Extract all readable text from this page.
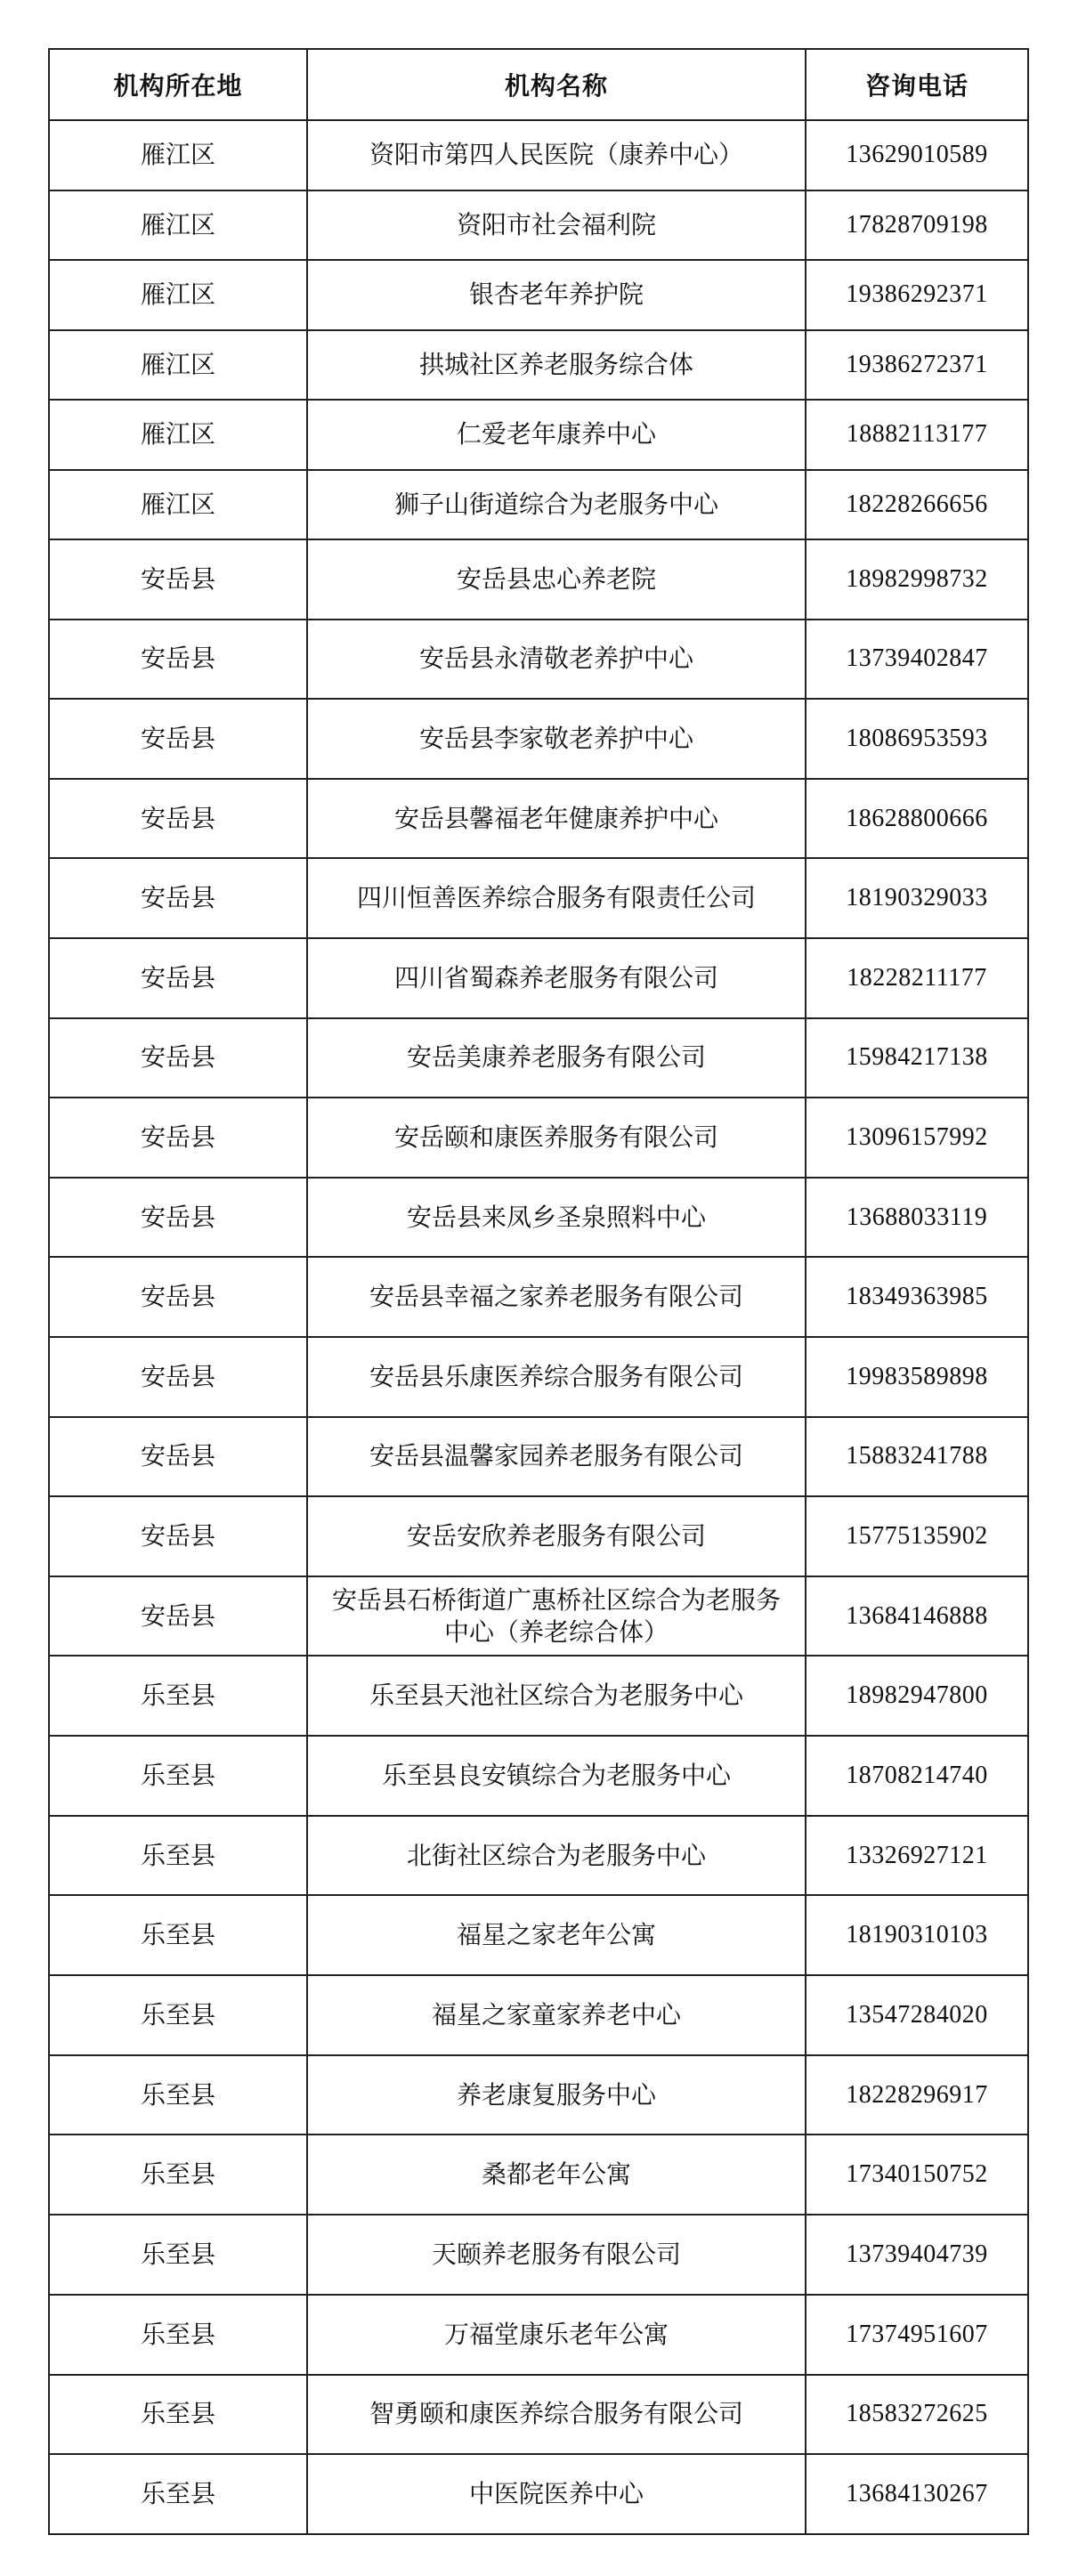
机构所在地	机构名称	咨询电话
雁江区	资阳市第四人民医院（康养中心）	13629010589
雁江区	资阳市社会福利院	17828709198
雁江区	银杏老年养护院	19386292371
雁江区	拱城社区养老服务综合体	19386272371
雁江区	仁爱老年康养中心	18882113177
雁江区	狮子山街道综合为老服务中心	18228266656
安岳县	安岳县忠心养老院	18982998732
安岳县	安岳县永清敬老养护中心	13739402847
安岳县	安岳县李家敬老养护中心	18086953593
安岳县	安岳县馨福老年健康养护中心	18628800666
安岳县	四川恒善医养综合服务有限责任公司	18190329033
安岳县	四川省蜀森养老服务有限公司	18228211177
安岳县	安岳美康养老服务有限公司	15984217138
安岳县	安岳颐和康医养服务有限公司	13096157992
安岳县	安岳县来凤乡圣泉照料中心	13688033119
安岳县	安岳县幸福之家养老服务有限公司	18349363985
安岳县	安岳县乐康医养综合服务有限公司	19983589898
安岳县	安岳县温馨家园养老服务有限公司	15883241788
安岳县	安岳安欣养老服务有限公司	15775135902
安岳县	安岳县石桥街道广惠桥社区综合为老服务中心（养老综合体）	13684146888
乐至县	乐至县天池社区综合为老服务中心	18982947800
乐至县	乐至县良安镇综合为老服务中心	18708214740
乐至县	北街社区综合为老服务中心	13326927121
乐至县	福星之家老年公寓	18190310103
乐至县	福星之家童家养老中心	13547284020
乐至县	养老康复服务中心	18228296917
乐至县	桑都老年公寓	17340150752
乐至县	天颐养老服务有限公司	13739404739
乐至县	万福堂康乐老年公寓	17374951607
乐至县	智勇颐和康医养综合服务有限公司	18583272625
乐至县	中医院医养中心	13684130267
